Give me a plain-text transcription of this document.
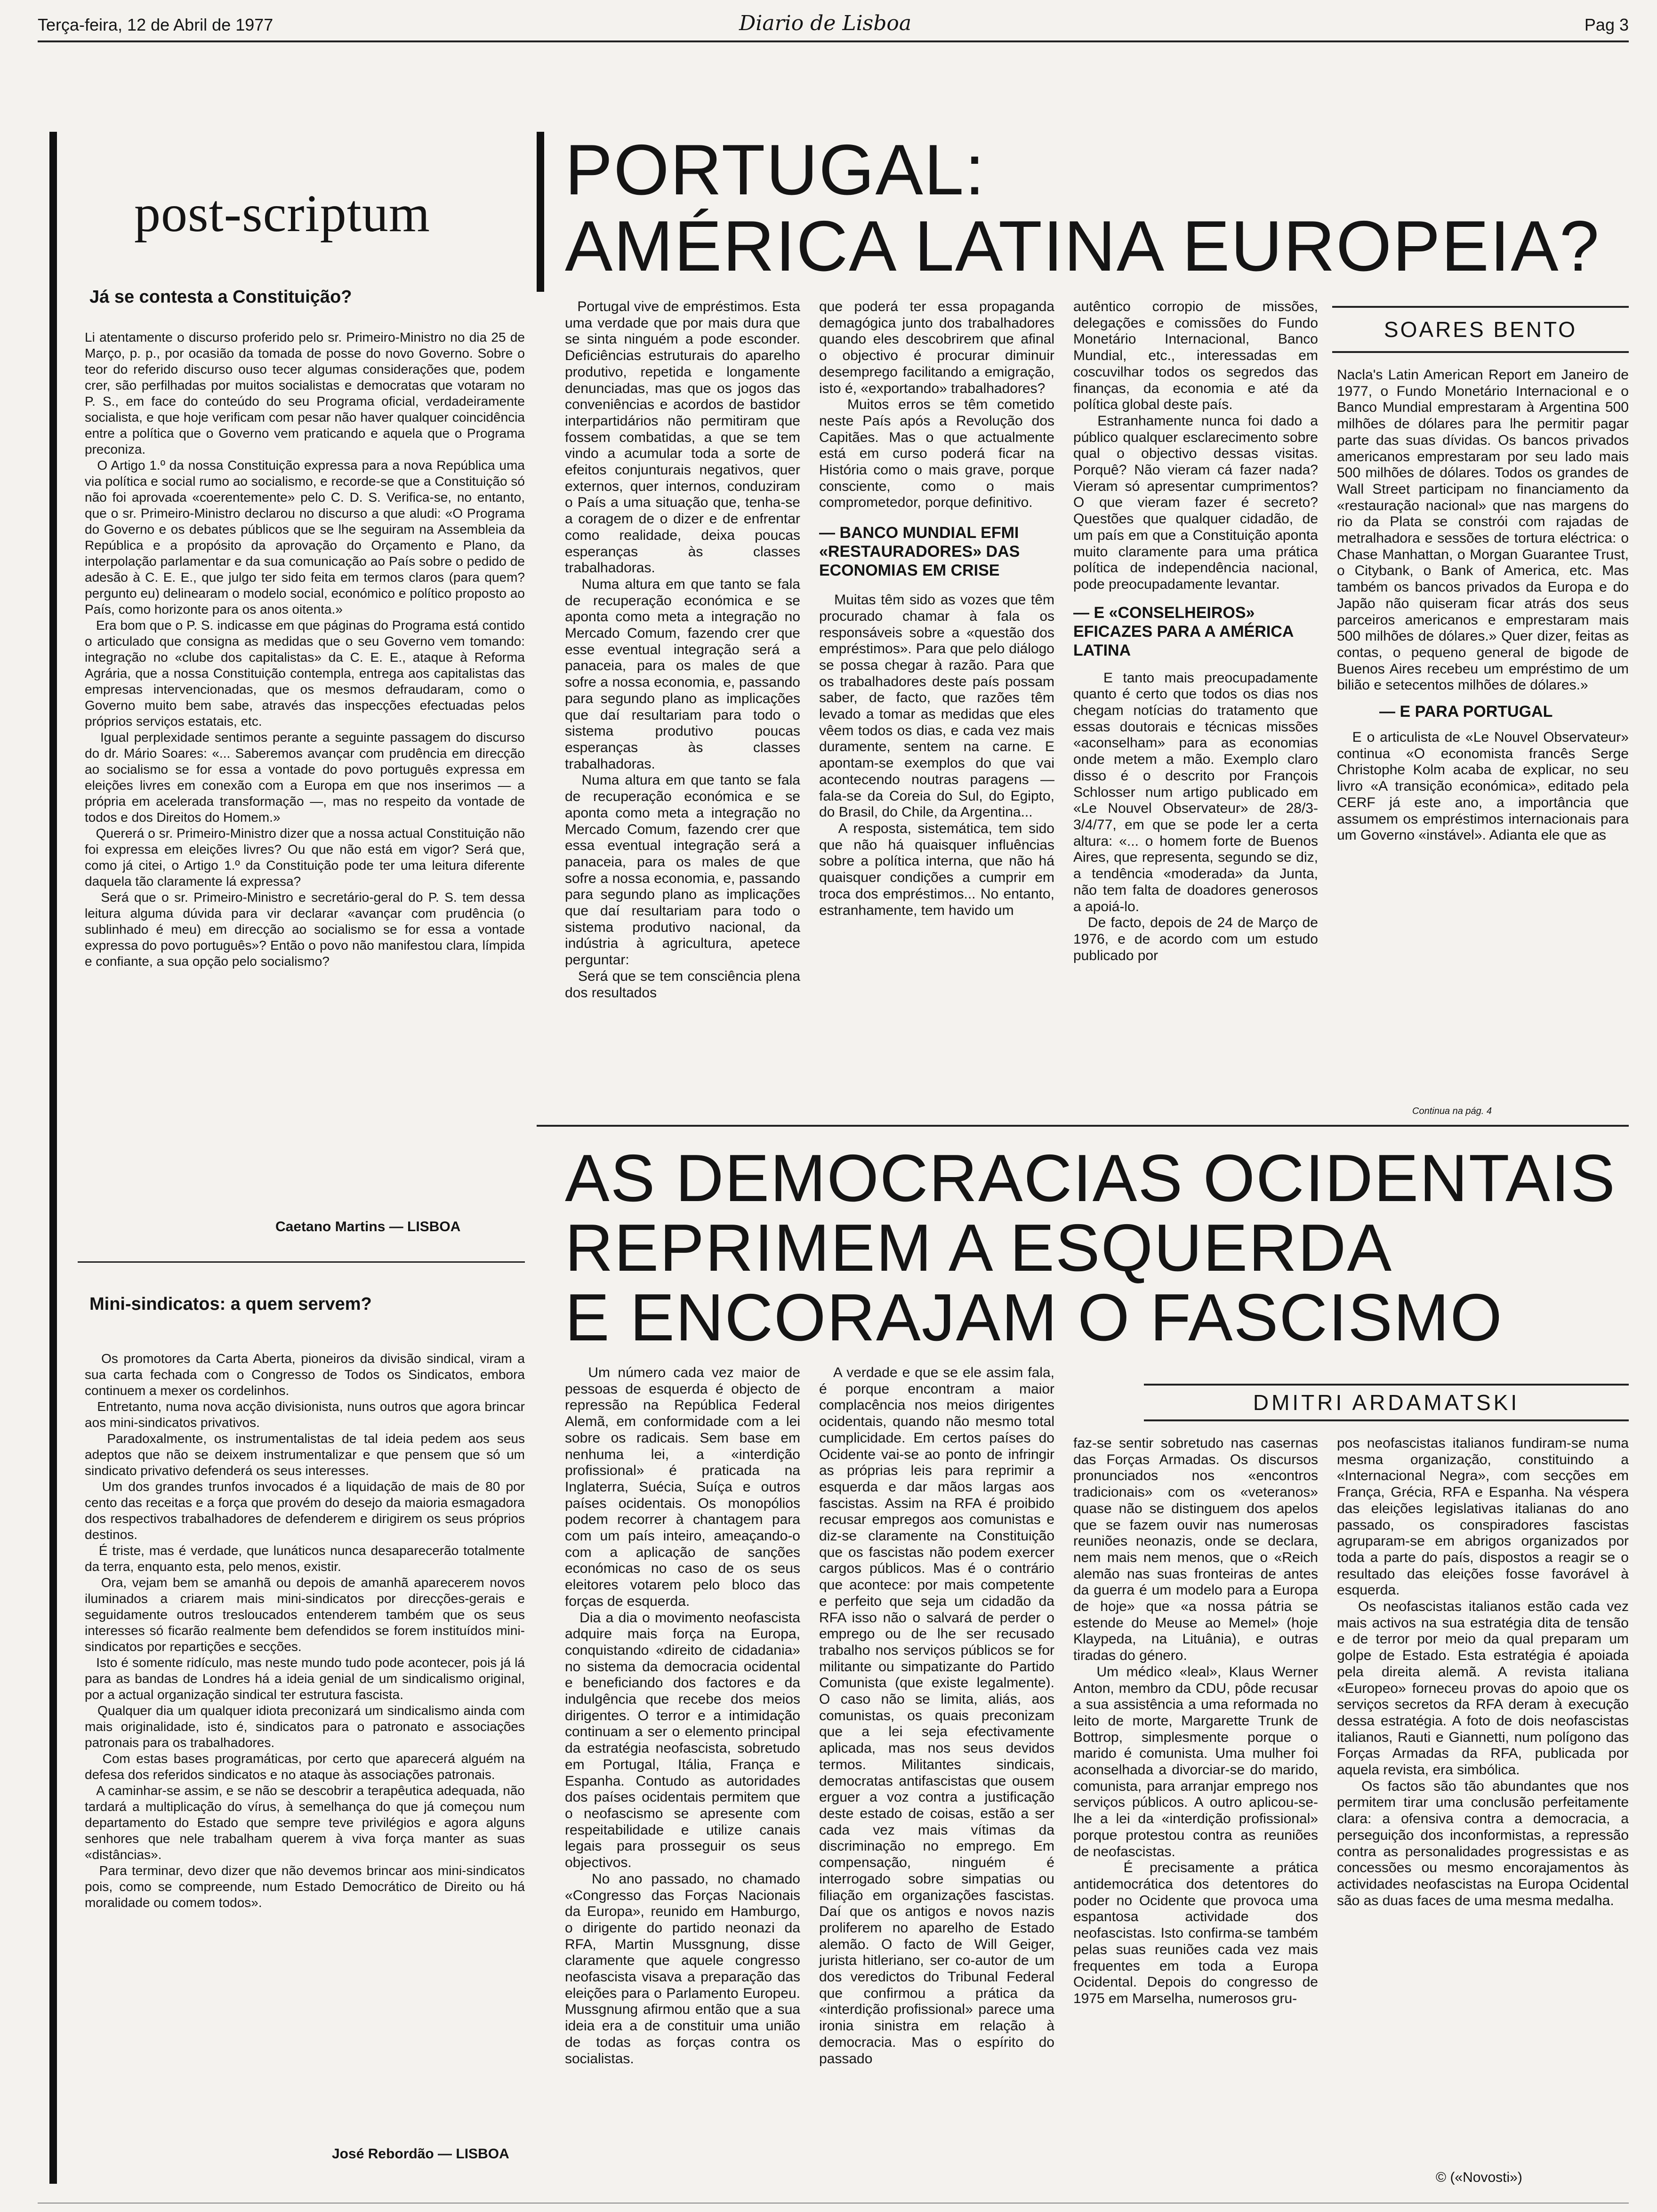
Terça-feira, 12 de Abril de 1977	Diario de Lisboa	Pag 3
post-scriptum
Já se contesta a Constituição?
Li atentamente o discurso proferido pelo sr. Primeiro-Ministro no dia 25 de Março, p. p., por ocasião da tomada de posse do novo Governo. Sobre o teor do referido discurso ouso tecer algumas considerações que, podem crer, são perfilhadas por muitos socialistas e democratas que votaram no P. S., em face do conteúdo do seu Programa oficial, verdadeiramente socialista, e que hoje verificam com pesar não haver qualquer coincidência entre a política que o Governo vem praticando e aquela que o Programa preconiza.
O Artigo 1.º da nossa Constituição expressa para a nova República uma via política e social rumo ao socialismo, e recorde-se que a Constituição só não foi aprovada «coerentemente» pelo C. D. S. Verifica-se, no entanto, que o sr. Primeiro-Ministro declarou no discurso a que aludi: «O Programa do Governo e os debates públicos que se lhe seguiram na Assembleia da República e a propósito da aprovação do Orçamento e Plano, da interpolação parlamentar e da sua comunicação ao País sobre o pedido de adesão à C. E. E., que julgo ter sido feita em termos claros (para quem? pergunto eu) delinearam o modelo social, económico e político proposto ao País, como horizonte para os anos oitenta.»
Era bom que o P. S. indicasse em que páginas do Programa está contido o articulado que consigna as medidas que o seu Governo vem tomando: integração no «clube dos capitalistas» da C. E. E., ataque à Reforma Agrária, que a nossa Constituição contempla, entrega aos capitalistas das empresas intervencionadas, que os mesmos defraudaram, como o Governo muito bem sabe, através das inspecções efectuadas pelos próprios serviços estatais, etc.
Igual perplexidade sentimos perante a seguinte passagem do discurso do dr. Mário Soares: «... Saberemos avançar com prudência em direcção ao socialismo se for essa a vontade do povo português expressa em eleições livres em conexão com a Europa em que nos inserimos — a própria em acelerada transformação —, mas no respeito da vontade de todos e dos Direitos do Homem.»
Quererá o sr. Primeiro-Ministro dizer que a nossa actual Constituição não foi expressa em eleições livres? Ou que não está em vigor? Será que, como já citei, o Artigo 1.º da Constituição pode ter uma leitura diferente daquela tão claramente lá expressa?
Será que o sr. Primeiro-Ministro e secretário-geral do P. S. tem dessa leitura alguma dúvida para vir declarar «avançar com prudência (o sublinhado é meu) em direcção ao socialismo se for essa a vontade expressa do povo português»? Então o povo não manifestou clara, límpida e confiante, a sua opção pelo socialismo?
Caetano Martins — LISBOA
Mini-sindicatos: a quem servem?
Os promotores da Carta Aberta, pioneiros da divisão sindical, viram a sua carta fechada com o Congresso de Todos os Sindicatos, embora continuem a mexer os cordelinhos.
Entretanto, numa nova acção divisionista, nuns outros que agora brincar aos mini-sindicatos privativos.
Paradoxalmente, os instrumentalistas de tal ideia pedem aos seus adeptos que não se deixem instrumentalizar e que pensem que só um sindicato privativo defenderá os seus interesses.
Um dos grandes trunfos invocados é a liquidação de mais de 80 por cento das receitas e a força que provém do desejo da maioria esmagadora dos respectivos trabalhadores de defenderem e dirigirem os seus próprios destinos.
É triste, mas é verdade, que lunáticos nunca desaparecerão totalmente da terra, enquanto esta, pelo menos, existir.
Ora, vejam bem se amanhã ou depois de amanhã aparecerem novos iluminados a criarem mais mini-sindicatos por direcções-gerais e seguidamente outros tresloucados entenderem também que os seus interesses só ficarão realmente bem defendidos se forem instituídos mini-sindicatos por repartições e secções.
Isto é somente ridículo, mas neste mundo tudo pode acontecer, pois já lá para as bandas de Londres há a ideia genial de um sindicalismo original, por a actual organização sindical ter estrutura fascista.
Qualquer dia um qualquer idiota preconizará um sindicalismo ainda com mais originalidade, isto é, sindicatos para o patronato e associações patronais para os trabalhadores.
Com estas bases programáticas, por certo que aparecerá alguém na defesa dos referidos sindicatos e no ataque às associações patronais.
A caminhar-se assim, e se não se descobrir a terapêutica adequada, não tardará a multiplicação do vírus, à semelhança do que já começou num departamento do Estado que sempre teve privilégios e agora alguns senhores que nele trabalham querem à viva força manter as suas «distâncias».
Para terminar, devo dizer que não devemos brincar aos mini-sindicatos pois, como se compreende, num Estado Democrático de Direito ou há moralidade ou comem todos».
José Rebordão — LISBOA
PORTUGAL:
AMÉRICA LATINA EUROPEIA?
SOARES BENTO
Portugal vive de empréstimos. Esta uma verdade que por mais dura que se sinta ninguém a pode esconder. Deficiências estruturais do aparelho produtivo, repetida e longamente denunciadas, mas que os jogos das conveniências e acordos de bastidor interpartidários não permitiram que fossem combatidas, a que se tem vindo a acumular toda a sorte de efeitos conjunturais negativos, quer externos, quer internos, conduziram o País a uma situação que, tenha-se a coragem de o dizer e de enfrentar como realidade, deixa poucas esperanças às classes trabalhadoras.
Numa altura em que tanto se fala de recuperação económica e se aponta como meta a integração no Mercado Comum, fazendo crer que esse eventual integração será a panaceia, para os males de que sofre a nossa economia, e, passando para segundo plano as implicações que daí resultariam para todo o sistema produtivo poucas esperanças às classes trabalhadoras.
Numa altura em que tanto se fala de recuperação económica e se aponta como meta a integração no Mercado Comum, fazendo crer que essa eventual integração será a panaceia, para os males de que sofre a nossa economia, e, passando para segundo plano as implicações que daí resultariam para todo o sistema produtivo nacional, da indústria à agricultura, apetece perguntar:
Será que se tem consciência plena dos resultados
que poderá ter essa propaganda demagógica junto dos trabalhadores quando eles descobrirem que afinal o objectivo é procurar diminuir desemprego facilitando a emigração, isto é, «exportando» trabalhadores?
Muitos erros se têm cometido neste País após a Revolução dos Capitães. Mas o que actualmente está em curso poderá ficar na História como o mais grave, porque consciente, como o mais comprometedor, porque definitivo.
— BANCO MUNDIAL EFMI «RESTAURADORES» DAS ECONOMIAS EM CRISE
Muitas têm sido as vozes que têm procurado chamar à fala os responsáveis sobre a «questão dos empréstimos». Para que pelo diálogo se possa chegar à razão. Para que os trabalhadores deste país possam saber, de facto, que razões têm levado a tomar as medidas que eles vêem todos os dias, e cada vez mais duramente, sentem na carne. E apontam-se exemplos do que vai acontecendo noutras paragens — fala-se da Coreia do Sul, do Egipto, do Brasil, do Chile, da Argentina...
A resposta, sistemática, tem sido que não há quaisquer influências sobre a política interna, que não há quaisquer condições a cumprir em troca dos empréstimos... No entanto, estranhamente, tem havido um
autêntico corropio de missões, delegações e comissões do Fundo Monetário Internacional, Banco Mundial, etc., interessadas em coscuvilhar todos os segredos das finanças, da economia e até da política global deste país.
Estranhamente nunca foi dado a público qualquer esclarecimento sobre qual o objectivo dessas visitas. Porquê? Não vieram cá fazer nada? Vieram só apresentar cumprimentos? O que vieram fazer é secreto? Questões que qualquer cidadão, de um país em que a Constituição aponta muito claramente para uma prática política de independência nacional, pode preocupadamente levantar.
— E «CONSELHEIROS» EFICAZES PARA A AMÉRICA LATINA
E tanto mais preocupadamente quanto é certo que todos os dias nos chegam notícias do tratamento que essas doutorais e técnicas missões «aconselham» para as economias onde metem a mão. Exemplo claro disso é o descrito por François Schlosser num artigo publicado em «Le Nouvel Observateur» de 28/3-3/4/77, em que se pode ler a certa altura: «... o homem forte de Buenos Aires, que representa, segundo se diz, a tendência «moderada» da Junta, não tem falta de doadores generosos a apoiá-lo.
De facto, depois de 24 de Março de 1976, e de acordo com um estudo publicado por
Nacla's Latin American Report em Janeiro de 1977, o Fundo Monetário Internacional e o Banco Mundial emprestaram à Argentina 500 milhões de dólares para lhe permitir pagar parte das suas dívidas. Os bancos privados americanos emprestaram por seu lado mais 500 milhões de dólares. Todos os grandes de Wall Street participam no financiamento da «restauração nacional» que nas margens do rio da Plata se constrói com rajadas de metralhadora e sessões de tortura eléctrica: o Chase Manhattan, o Morgan Guarantee Trust, o Citybank, o Bank of America, etc. Mas também os bancos privados da Europa e do Japão não quiseram ficar atrás dos seus parceiros americanos e emprestaram mais 500 milhões de dólares.» Quer dizer, feitas as contas, o pequeno general de bigode de Buenos Aires recebeu um empréstimo de um bilião e setecentos milhões de dólares.»
— E PARA PORTUGAL
E o articulista de «Le Nouvel Observateur» continua «O economista francês Serge Christophe Kolm acaba de explicar, no seu livro «A transição económica», editado pela CERF já este ano, a importância que assumem os empréstimos internacionais para um Governo «instável». Adianta ele que as
Continua na pág. 4
AS DEMOCRACIAS OCIDENTAIS
REPRIMEM A ESQUERDA
E ENCORAJAM O FASCISMO
DMITRI ARDAMATSKI
Um número cada vez maior de pessoas de esquerda é objecto de repressão na República Federal Alemã, em conformidade com a lei sobre os radicais. Sem base em nenhuma lei, a «interdição profissional» é praticada na Inglaterra, Suécia, Suíça e outros países ocidentais. Os monopólios podem recorrer à chantagem para com um país inteiro, ameaçando-o com a aplicação de sanções económicas no caso de os seus eleitores votarem pelo bloco das forças de esquerda.
Dia a dia o movimento neofascista adquire mais força na Europa, conquistando «direito de cidadania» no sistema da democracia ocidental e beneficiando dos factores e da indulgência que recebe dos meios dirigentes. O terror e a intimidação continuam a ser o elemento principal da estratégia neofascista, sobretudo em Portugal, Itália, França e Espanha. Contudo as autoridades dos países ocidentais permitem que o neofascismo se apresente com respeitabilidade e utilize canais legais para prosseguir os seus objectivos.
No ano passado, no chamado «Congresso das Forças Nacionais da Europa», reunido em Hamburgo, o dirigente do partido neonazi da RFA, Martin Mussgnung, disse claramente que aquele congresso neofascista visava a preparação das eleições para o Parlamento Europeu. Mussgnung afirmou então que a sua ideia era a de constituir uma união de todas as forças contra os socialistas.
A verdade e que se ele assim fala, é porque encontram a maior complacência nos meios dirigentes ocidentais, quando não mesmo total cumplicidade. Em certos países do Ocidente vai-se ao ponto de infringir as próprias leis para reprimir a esquerda e dar mãos largas aos fascistas. Assim na RFA é proibido recusar empregos aos comunistas e diz-se claramente na Constituição que os fascistas não podem exercer cargos públicos. Mas é o contrário que acontece: por mais competente e perfeito que seja um cidadão da RFA isso não o salvará de perder o emprego ou de lhe ser recusado trabalho nos serviços públicos se for militante ou simpatizante do Partido Comunista (que existe legalmente). O caso não se limita, aliás, aos comunistas, os quais preconizam que a lei seja efectivamente aplicada, mas nos seus devidos termos. Militantes sindicais, democratas antifascistas que ousem erguer a voz contra a justificação deste estado de coisas, estão a ser cada vez mais vítimas da discriminação no emprego. Em compensação, ninguém é interrogado sobre simpatias ou filiação em organizações fascistas. Daí que os antigos e novos nazis proliferem no aparelho de Estado alemão. O facto de Will Geiger, jurista hitleriano, ser co-autor de um dos veredictos do Tribunal Federal que confirmou a prática da «interdição profissional» parece uma ironia sinistra em relação à democracia. Mas o espírito do passado
faz-se sentir sobretudo nas casernas das Forças Armadas. Os discursos pronunciados nos «encontros tradicionais» com os «veteranos» quase não se distinguem dos apelos que se fazem ouvir nas numerosas reuniões neonazis, onde se declara, nem mais nem menos, que o «Reich alemão nas suas fronteiras de antes da guerra é um modelo para a Europa de hoje» que «a nossa pátria se estende do Meuse ao Memel» (hoje Klaypeda, na Lituânia), e outras tiradas do género.
Um médico «leal», Klaus Werner Anton, membro da CDU, pôde recusar a sua assistência a uma reformada no leito de morte, Margarette Trunk de Bottrop, simplesmente porque o marido é comunista. Uma mulher foi aconselhada a divorciar-se do marido, comunista, para arranjar emprego nos serviços públicos. A outro aplicou-se-lhe a lei da «interdição profissional» porque protestou contra as reuniões de neofascistas.
É precisamente a prática antidemocrática dos detentores do poder no Ocidente que provoca uma espantosa actividade dos neofascistas. Isto confirma-se também pelas suas reuniões cada vez mais frequentes em toda a Europa Ocidental. Depois do congresso de 1975 em Marselha, numerosos gru-
pos neofascistas italianos fundiram-se numa mesma organização, constituindo a «Internacional Negra», com secções em França, Grécia, RFA e Espanha. Na véspera das eleições legislativas italianas do ano passado, os conspiradores fascistas agruparam-se em abrigos organizados por toda a parte do país, dispostos a reagir se o resultado das eleições fosse favorável à esquerda.
Os neofascistas italianos estão cada vez mais activos na sua estratégia dita de tensão e de terror por meio da qual preparam um golpe de Estado. Esta estratégia é apoiada pela direita alemã. A revista italiana «Europeo» forneceu provas do apoio que os serviços secretos da RFA deram à execução dessa estratégia. A foto de dois neofascistas italianos, Rauti e Giannetti, num polígono das Forças Armadas da RFA, publicada por aquela revista, era simbólica.
Os factos são tão abundantes que nos permitem tirar uma conclusão perfeitamente clara: a ofensiva contra a democracia, a perseguição dos inconformistas, a repressão contra as personalidades progressistas e as concessões ou mesmo encorajamentos às actividades neofascistas na Europa Ocidental são as duas faces de uma mesma medalha.
© («Novosti»)
